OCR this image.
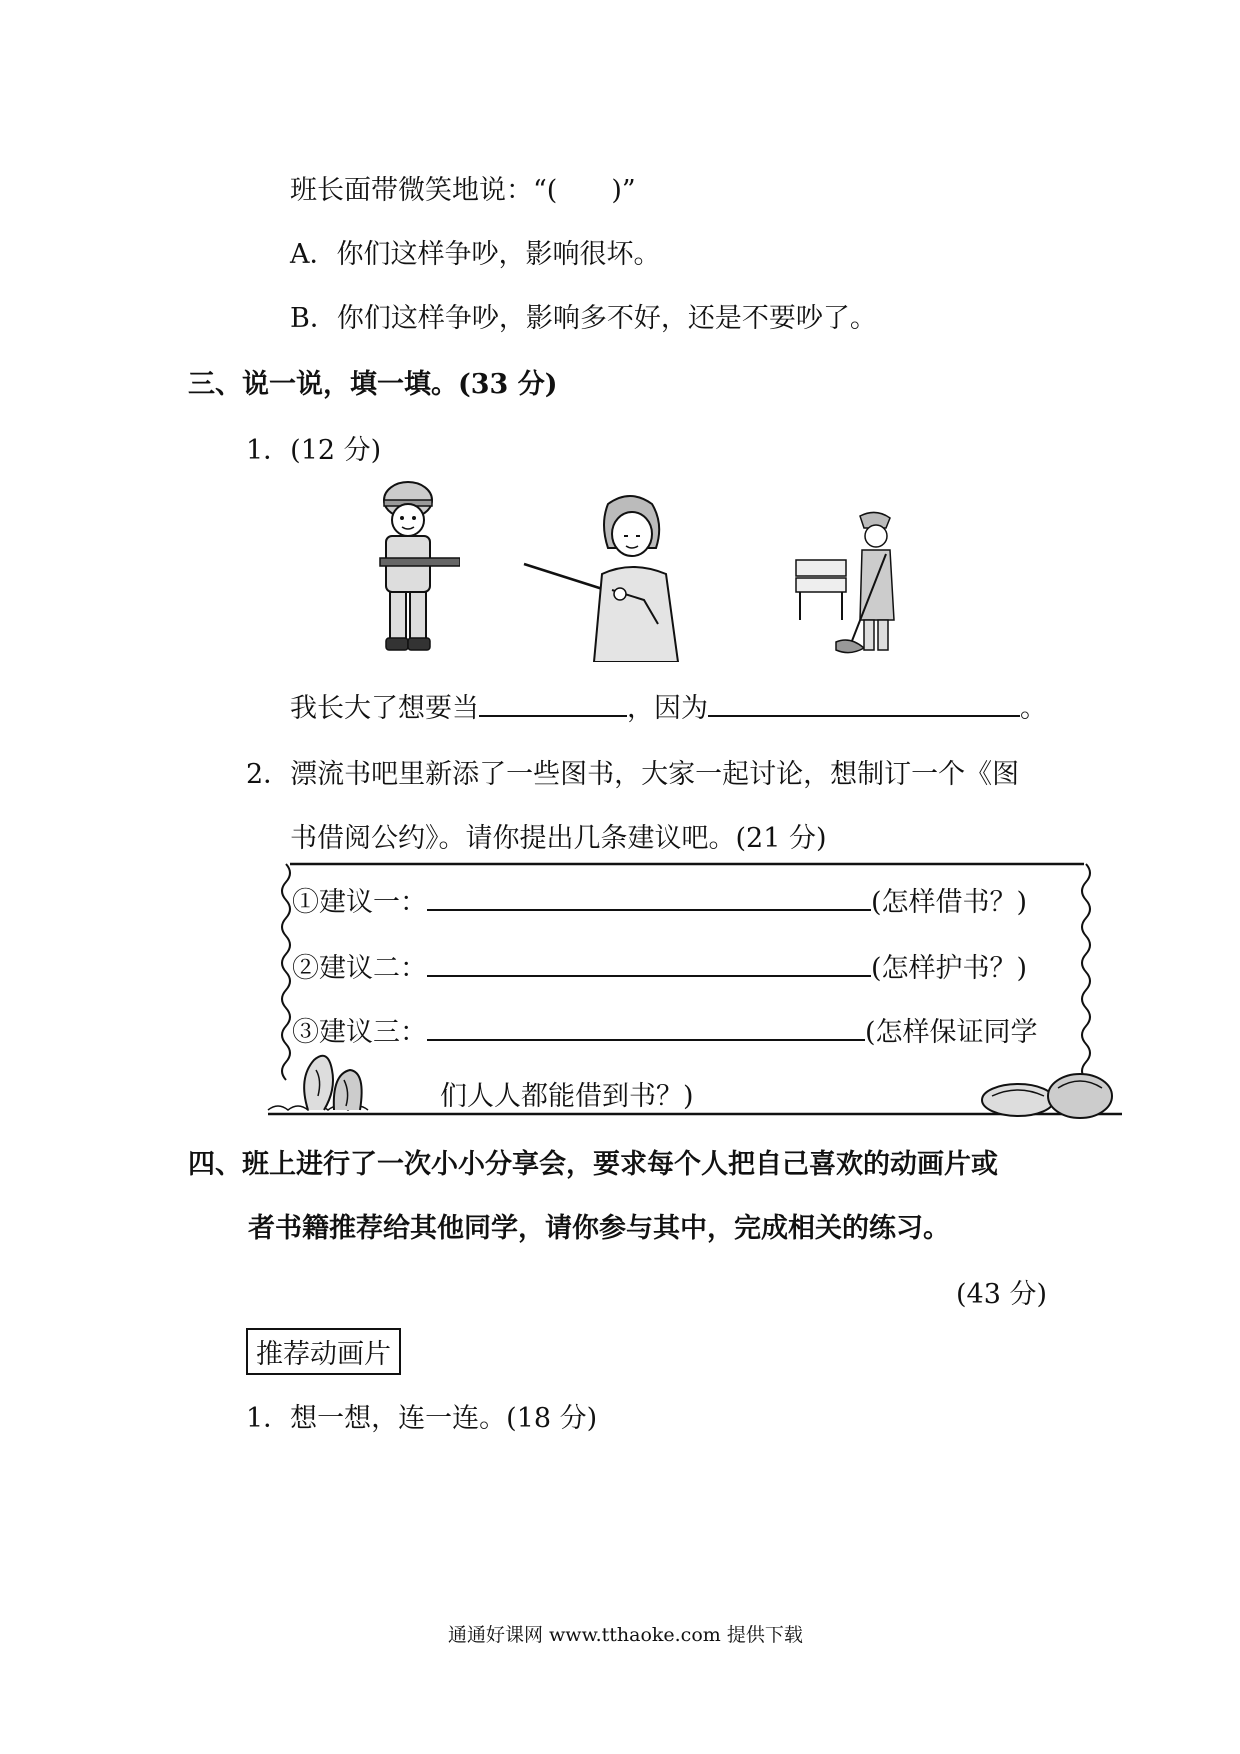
班长面带微笑地说：“(　　)”
A．你们这样争吵，影响很坏。
B．你们这样争吵，影响多不好，还是不要吵了。
三、说一说，填一填。(33 分)
1．(12 分)
我长大了想要当	，因为	。
2．漂流书吧里新添了一些图书，大家一起讨论，想制订一个《图
书借阅公约》。请你提出几条建议吧。(21 分)
①建议一：	(怎样借书？)
②建议二：	(怎样护书？)
③建议三：	(怎样保证同学
们人人都能借到书？)
四、班上进行了一次小小分享会，要求每个人把自己喜欢的动画片或
者书籍推荐给其他同学，请你参与其中，完成相关的练习。
(43 分)
推荐动画片
1．想一想，连一连。(18 分)
通通好课网 www.tthaoke.com 提供下载
